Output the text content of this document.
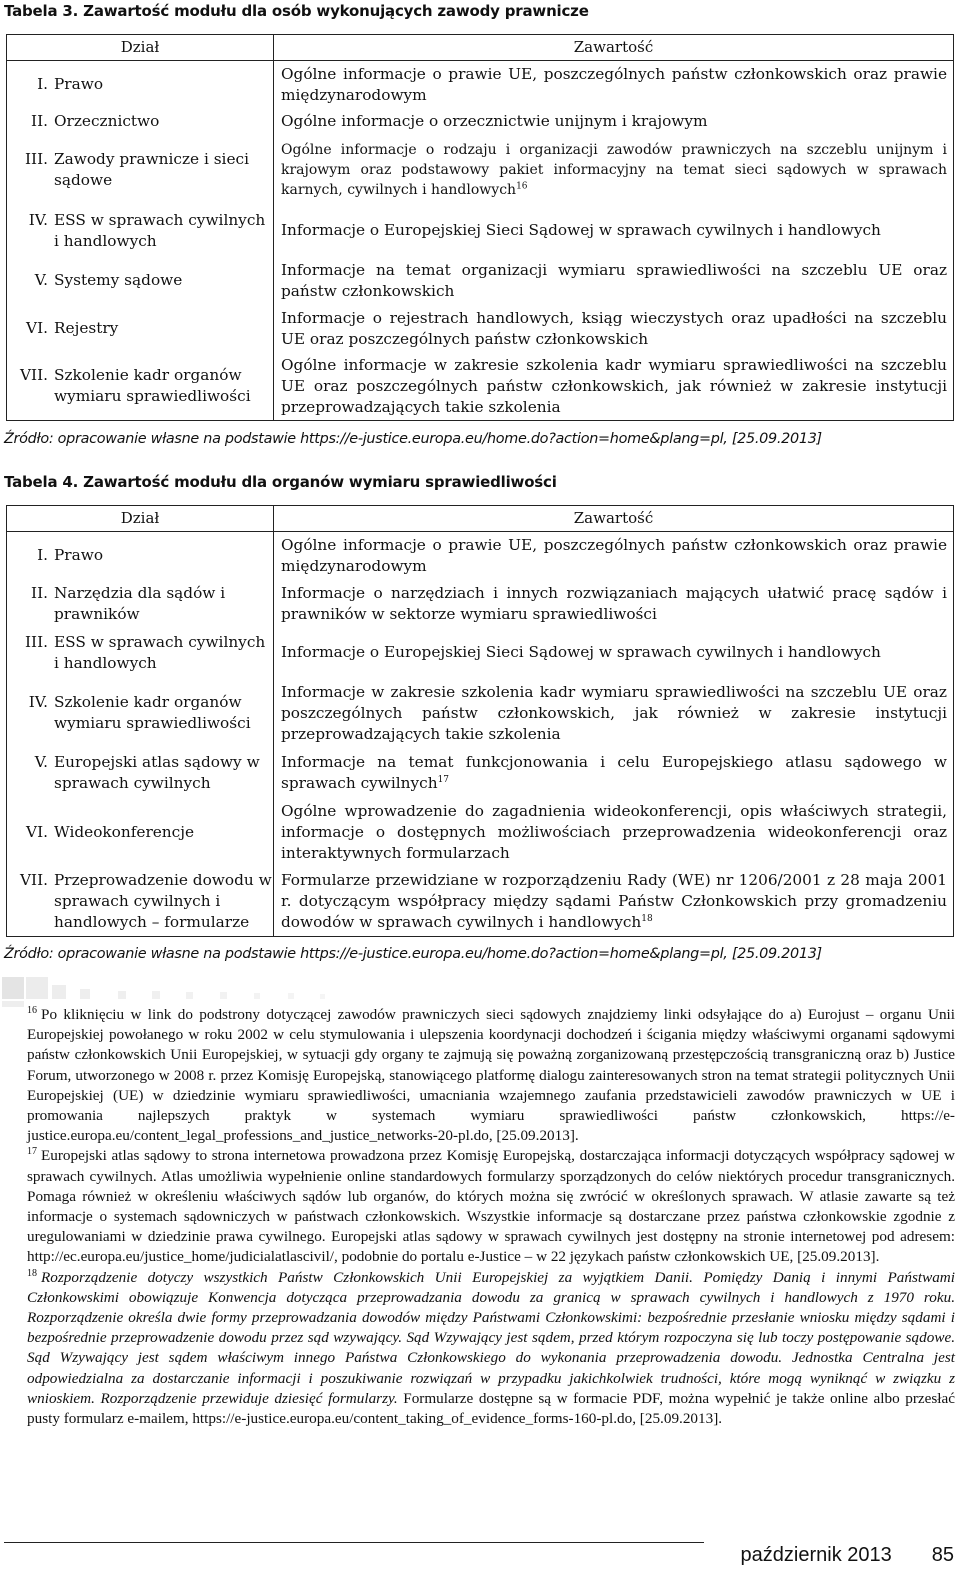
Tabela 3. Zawartość modułu dla osób wykonujących zawody prawnicze
Dział	Zawartość

I. Prawo	Ogólne informacje o prawie UE, poszczególnych państw członkowskich oraz prawie międzynarodowym

II. Orzecznictwo	Ogólne informacje o orzecznictwie unijnym i krajowym

III. Zawody prawnicze i sieci sądowe	Ogólne informacje o rodzaju i organizacji zawodów prawniczych na szczeblu unijnym i krajowym oraz podstawowy pakiet informacyjny na temat sieci sądowych w sprawach karnych, cywilnych i handlowych$^{16}$

IV. ESS w sprawach cywilnych i handlowych	Informacje o Europejskiej Sieci Sądowej w sprawach cywilnych i handlowych

V. Systemy sądowe	Informacje na temat organizacji wymiaru sprawiedliwości na szczeblu UE oraz państw członkowskich

VI. Rejestry	Informacje o rejestrach handlowych, ksiąg wieczystych oraz upadłości na szczeblu UE oraz poszczególnych państw członkowskich

VII. Szkolenie kadr organów wymiaru sprawiedliwości	Ogólne informacje w zakresie szkolenia kadr wymiaru sprawiedliwości na szczeblu UE oraz poszczególnych państw członkowskich, jak również w zakresie instytucji przeprowadzających takie szkolenia
Źródło: opracowanie własne na podstawie https://e-justice.europa.eu/home.do?action=home&plang=pl, [25.09.2013]
Tabela 4. Zawartość modułu dla organów wymiaru sprawiedliwości
Dział	Zawartość

I. Prawo	Ogólne informacje o prawie UE, poszczególnych państw członkowskich oraz prawie międzynarodowym

II. Narzędzia dla sądów i prawników	Informacje o narzędziach i innych rozwiązaniach mających ułatwić pracę sądów i prawników w sektorze wymiaru sprawiedliwości

III. ESS w sprawach cywilnych i handlowych	Informacje o Europejskiej Sieci Sądowej w sprawach cywilnych i handlowych

IV. Szkolenie kadr organów wymiaru sprawiedliwości	Informacje w zakresie szkolenia kadr wymiaru sprawiedliwości na szczeblu UE oraz poszczególnych państw członkowskich, jak również w zakresie instytucji przeprowadzających takie szkolenia

V. Europejski atlas sądowy w sprawach cywilnych	Informacje na temat funkcjonowania i celu Europejskiego atlasu sądowego w sprawach cywilnych$^{17}$

VI. Wideokonferencje	Ogólne wprowadzenie do zagadnienia wideokonferencji, opis właściwych strategii, informacje o dostępnych możliwościach przeprowadzenia wideokonferencji oraz interaktywnych formularzach

VII. Przeprowadzenie dowodu w sprawach cywilnych i handlowych – formularze	Formularze przewidziane w rozporządzeniu Rady (WE) nr 1206/2001 z 28 maja 2001 r. dotyczącym współpracy między sądami Państw Członkowskich przy gromadzeniu dowodów w sprawach cywilnych i handlowych$^{18}$
Źródło: opracowanie własne na podstawie https://e-justice.europa.eu/home.do?action=home&plang=pl, [25.09.2013]

$^{16}$ Po kliknięciu w link do podstrony dotyczącej zawodów prawniczych sieci sądowych znajdziemy linki odsyłające do a) Eurojust – organu Unii Europejskiej powołanego w roku 2002 w celu stymulowania i ulepszenia koordynacji dochodzeń i ścigania między właściwymi organami sądowymi państw członkowskich Unii Europejskiej, w sytuacji gdy organy te zajmują się poważną zorganizowaną przestępczością transgraniczną oraz b) Justice Forum, utworzonego w 2008 r. przez Komisję Europejską, stanowiącego platformę dialogu zainteresowanych stron na temat strategii politycznych Unii Europejskiej (UE) w dziedzinie wymiaru sprawiedliwości, umacniania wzajemnego zaufania przedstawicieli zawodów prawniczych w UE i promowania najlepszych praktyk w systemach wymiaru sprawiedliwości państw członkowskich, https://e-justice.europa.eu/content_legal_professions_and_justice_networks-20-pl.do, [25.09.2013].

$^{17}$ Europejski atlas sądowy to strona internetowa prowadzona przez Komisję Europejską, dostarczająca informacji dotyczących współpracy sądowej w sprawach cywilnych. Atlas umożliwia wypełnienie online standardowych formularzy sporządzonych do celów niektórych procedur transgranicznych. Pomaga również w określeniu właściwych sądów lub organów, do których można się zwrócić w określonych sprawach. W atlasie zawarte są też informacje o systemach sądowniczych w państwach członkowskich. Wszystkie informacje są dostarczane przez państwa członkowskie zgodnie z uregulowaniami w dziedzinie prawa cywilnego. Europejski atlas sądowy w sprawach cywilnych jest dostępny na stronie internetowej pod adresem: http://ec.europa.eu/justice_home/judicialatlascivil/, podobnie do portalu e-Justice – w 22 językach państw członkowskich UE, [25.09.2013].

$^{18}$ Rozporządzenie dotyczy wszystkich Państw Członkowskich Unii Europejskiej za wyjątkiem Danii. Pomiędzy Danią i innymi Państwami Członkowskimi obowiązuje Konwencja dotycząca przeprowadzania dowodu za granicą w sprawach cywilnych i handlowych z 1970 roku. Rozporządzenie określa dwie formy przeprowadzania dowodów między Państwami Członkowskimi: bezpośrednie przesłanie wniosku między sądami i bezpośrednie przeprowadzenie dowodu przez sąd wzywający. Sąd Wzywający jest sądem, przed którym rozpoczyna się lub toczy postępowanie sądowe. Sąd Wzywający jest sądem właściwym innego Państwa Członkowskiego do wykonania przeprowadzenia dowodu. Jednostka Centralna jest odpowiedzialna za dostarczanie informacji i poszukiwanie rozwiązań w przypadku jakichkolwiek trudności, które mogą wyniknąć w związku z wnioskiem. Rozporządzenie przewiduje dziesięć formularzy. Formularze dostępne są w formacie PDF, można wypełnić je także online albo przesłać pusty formularz e-mailem, https://e-justice.europa.eu/content_taking_of_evidence_forms-160-pl.do, [25.09.2013].

październik 2013 85
